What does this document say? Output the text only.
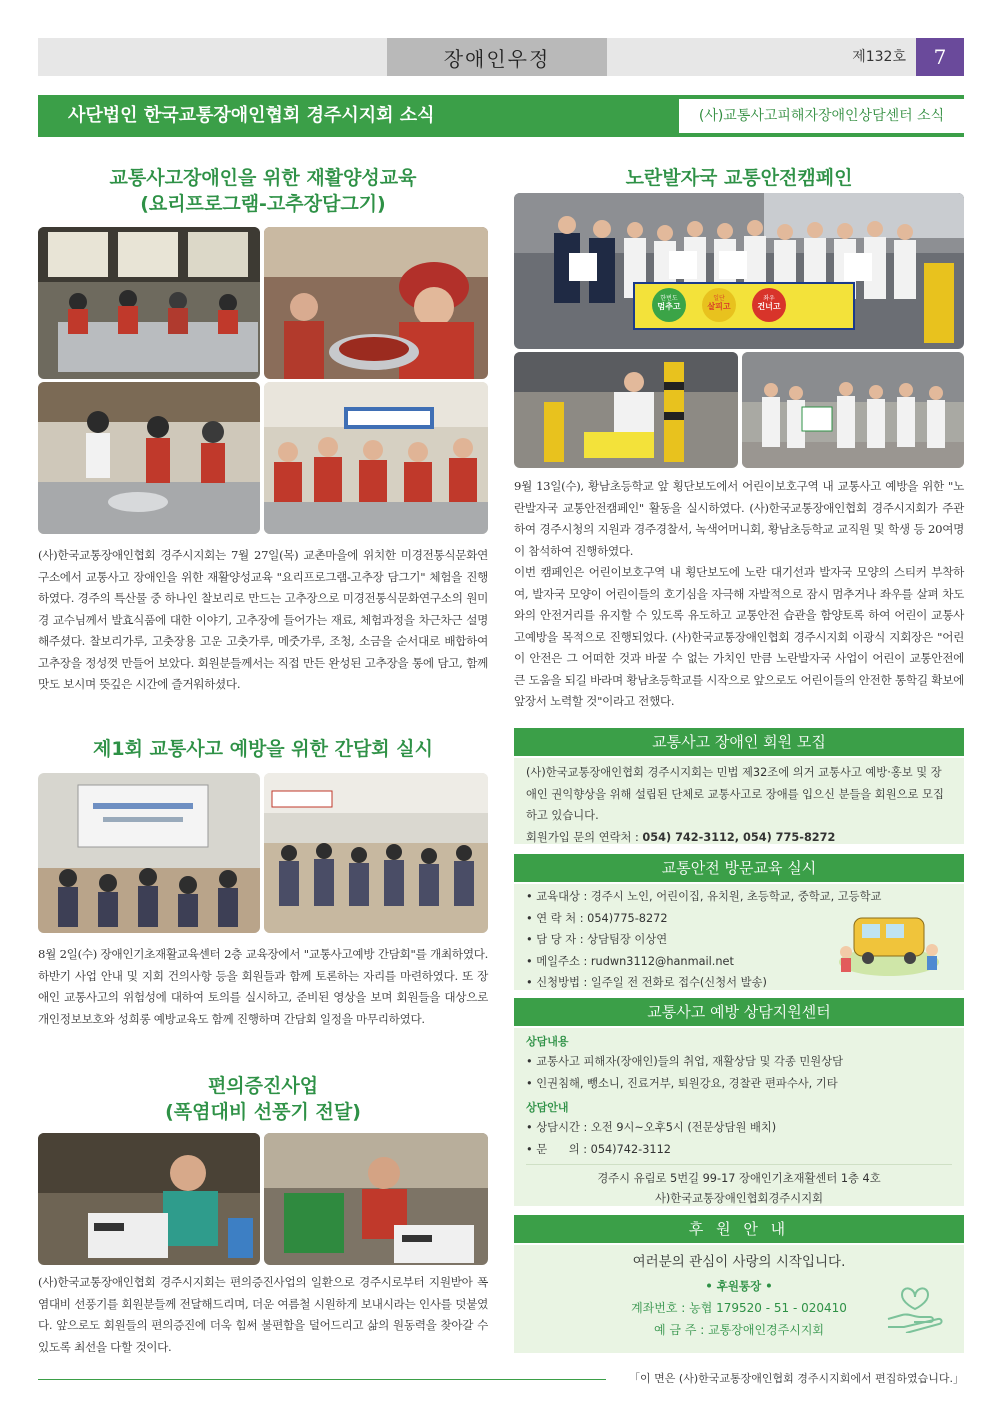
장애인우정	제132호	7
사단법인 한국교통장애인협회 경주시지회 소식	(사)교통사고피해자장애인상담센터 소식
교통사고장애인을 위한 재활양성교육
(요리프로그램-고추장담그기)
(사)한국교통장애인협회 경주시지회는 7월 27일(목) 교촌마을에 위치한 미경전통식문화연구소에서 교통사고 장애인을 위한 재활양성교육 "요리프로그램-고추장 담그기" 체험을 진행하였다. 경주의 특산물 중 하나인 찰보리로 만드는 고추장으로 미경전통식문화연구소의 원미경 교수님께서 발효식품에 대한 이야기, 고추장에 들어가는 재료, 체험과정을 차근차근 설명해주셨다. 찰보리가루, 고춧장용 고운 고춧가루, 메줏가루, 조청, 소금을 순서대로 배합하여 고추장을 정성껏 만들어 보았다. 회원분들께서는 직접 만든 완성된 고추장을 통에 담고, 함께 맛도 보시며 뜻깊은 시간에 즐거워하셨다.
제1회 교통사고 예방을 위한 간담회 실시
8월 2일(수) 장애인기초재활교육센터 2층 교육장에서 "교통사고예방 간담회"를 개최하였다. 하반기 사업 안내 및 지회 건의사항 등을 회원들과 함께 토론하는 자리를 마련하였다. 또 장애인 교통사고의 위험성에 대하여 토의를 실시하고, 준비된 영상을 보며 회원들을 대상으로 개인정보보호와 성희롱 예방교육도 함께 진행하며 간담회 일정을 마무리하였다.
편의증진사업
(폭염대비 선풍기 전달)
(사)한국교통장애인협회 경주시지회는 편의증진사업의 일환으로 경주시로부터 지원받아 폭염대비 선풍기를 회원분들께 전달해드리며, 더운 여름철 시원하게 보내시라는 인사를 덧붙였다. 앞으로도 회원들의 편의증진에 더욱 힘써 불편함을 덜어드리고 삶의 원동력을 찾아갈 수 있도록 최선을 다할 것이다.
노란발자국 교통안전캠페인
멈추고	살피고	건너고
한번도	일단	좌우
9월 13일(수), 황남초등학교 앞 횡단보도에서 어린이보호구역 내 교통사고 예방을 위한 "노란발자국 교통안전캠페인" 활동을 실시하였다. (사)한국교통장애인협회 경주시지회가 주관하여 경주시청의 지원과 경주경찰서, 녹색어머니회, 황남초등학교 교직원 및 학생 등 20여명이 참석하여 진행하였다.
이번 캠페인은 어린이보호구역 내 횡단보도에 노란 대기선과 발자국 모양의 스티커 부착하여, 발자국 모양이 어린이들의 호기심을 자극해 자발적으로 잠시 멈추거나 좌우를 살펴 차도와의 안전거리를 유지할 수 있도록 유도하고 교통안전 습관을 함양토록 하여 어린이 교통사고예방을 목적으로 진행되었다. (사)한국교통장애인협회 경주시지회 이광식 지회장은 "어린이 안전은 그 어떠한 것과 바꿀 수 없는 가치인 만큼 노란발자국 사업이 어린이 교통안전에 큰 도움을 되길 바라며 황남초등학교를 시작으로 앞으로도 어린이들의 안전한 통학길 확보에 앞장서 노력할 것"이라고 전했다.
교통사고 장애인 회원 모집
(사)한국교통장애인협회 경주시지회는 민법 제32조에 의거 교통사고 예방·홍보 및 장애인 권익향상을 위해 설립된 단체로 교통사고로 장애를 입으신 분들을 회원으로 모집하고 있습니다.
회원가입 문의 연락처 : 054) 742-3112, 054) 775-8272
교통안전 방문교육 실시
• 교육대상 : 경주시 노인, 어린이집, 유치원, 초등학교, 중학교, 고등학교
• 연 락 처 : 054)775-8272
• 담 당 자 : 상담팀장 이상연
• 메일주소 : rudwn3112@hanmail.net
• 신청방법 : 일주일 전 전화로 접수(신청서 발송)
교통사고 예방 상담지원센터
상담내용
• 교통사고 피해자(장애인)들의 취업, 재활상담 및 각종 민원상담
• 인권침해, 뺑소니, 진료거부, 퇴원강요, 경찰관 편파수사, 기타
상담안내
• 상담시간 : 오전 9시~오후5시 (전문상담원 배치)
• 문      의 : 054)742-3112
경주시 유림로 5번길 99-17 장애인기초재활센터 1층 4호
사)한국교통장애인협회경주시지회
후 원 안 내
여러분의 관심이 사랑의 시작입니다.
• 후원통장 •
계좌번호 : 농협 179520 - 51 - 020410
예 금 주 : 교통장애인경주시지회
「이 면은 (사)한국교통장애인협회 경주시지회에서 편집하였습니다.」
